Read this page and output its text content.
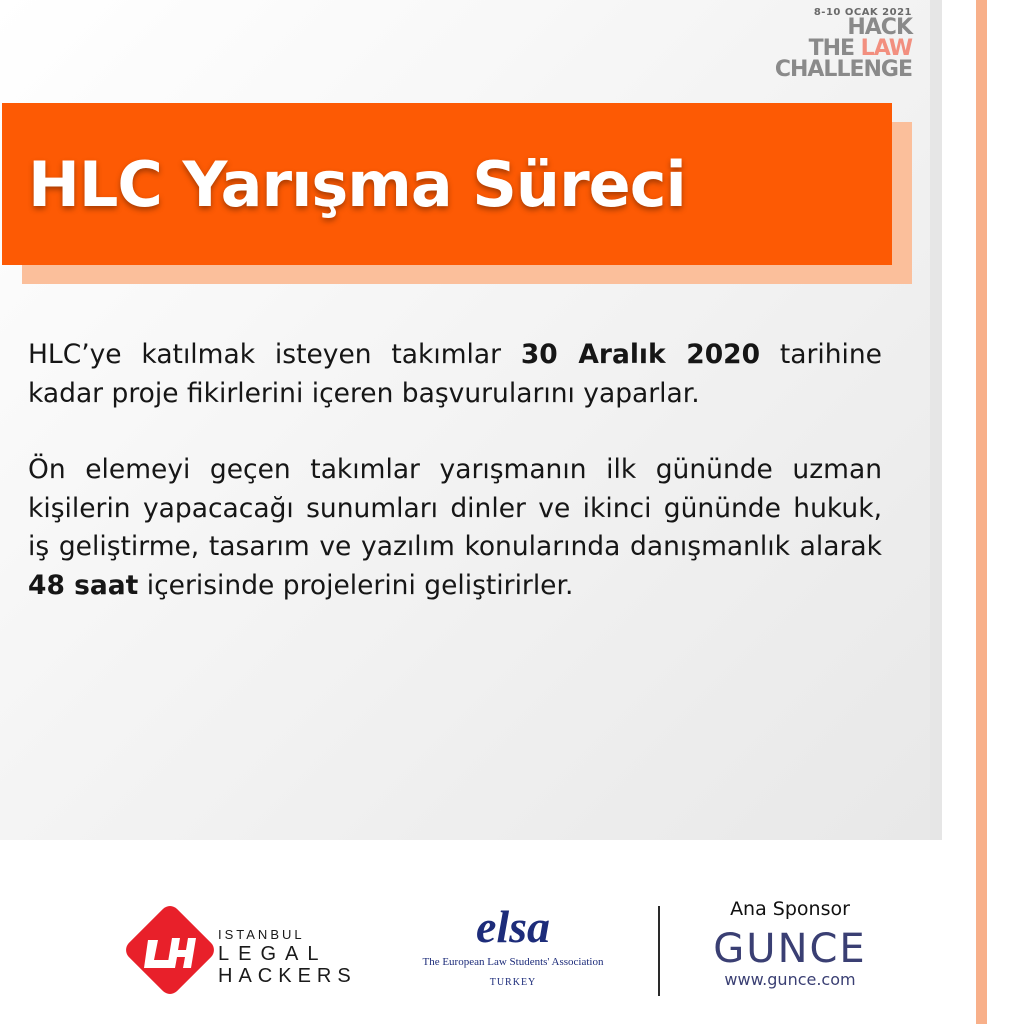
8-10 OCAK 2021
HACK
THE LAW
CHALLENGE
HLC Yarışma Süreci

HLC’ye katılmak isteyen takımlar 30 Aralık 2020 tarihine kadar proje fikirlerini içeren başvurularını yaparlar.

Ön elemeyi geçen takımlar yarışmanın ilk gününde uzman kişilerin yapacacağı sunumları dinler ve ikinci gününde hukuk, iş geliştirme, tasarım ve yazılım konularında danışmanlık alarak 48 saat içerisinde projelerini geliştirirler.

ISTANBUL
LEGAL
HACKERS
elsa
The European Law Students' Association
TURKEY
Ana Sponsor
GUNCE
www.gunce.com
